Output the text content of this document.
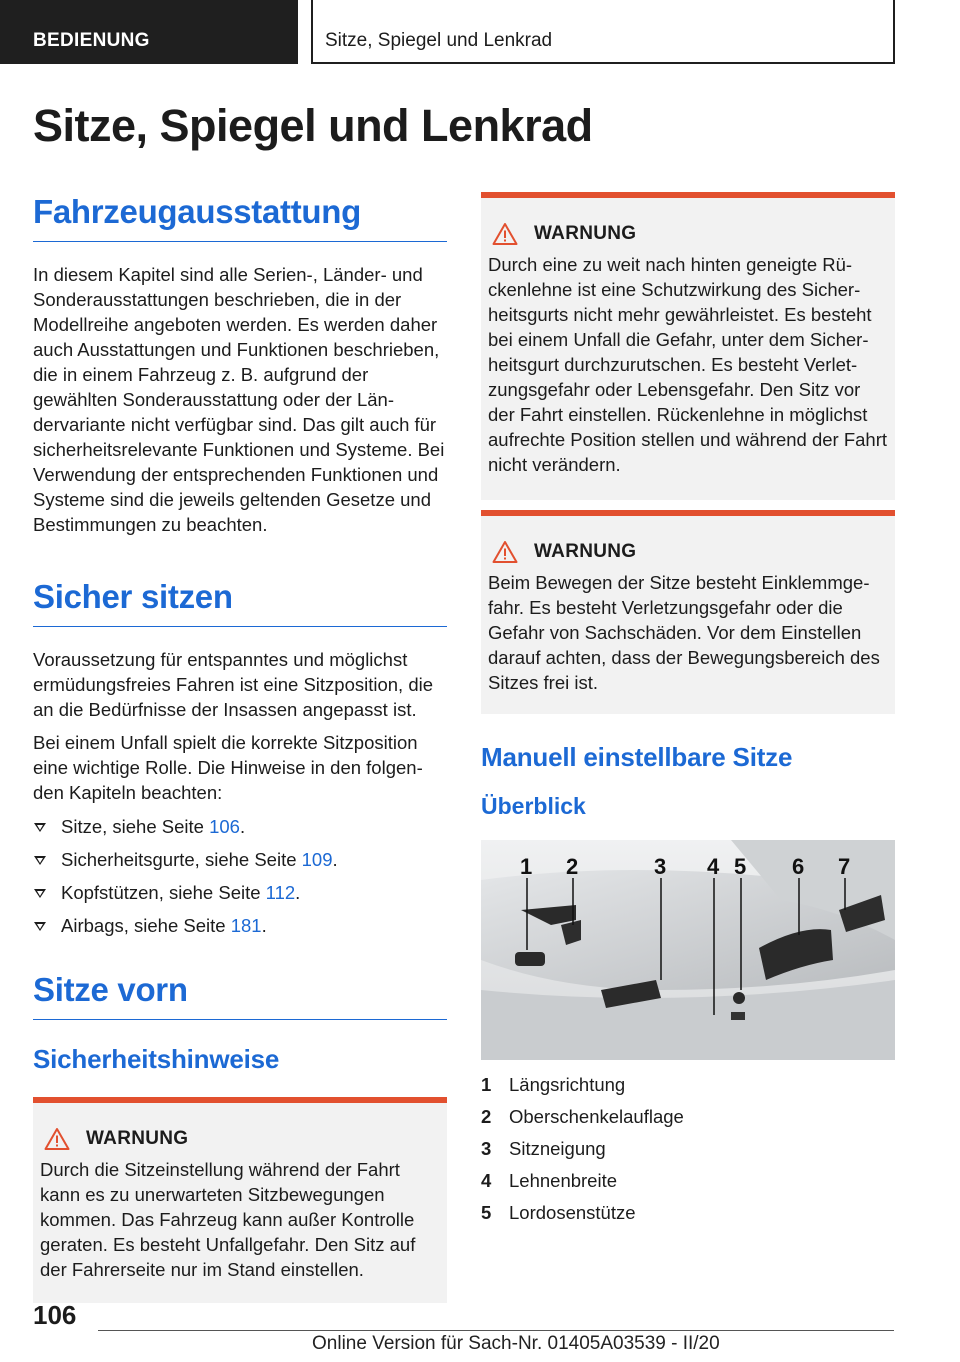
BEDIENUNG	Sitze, Spiegel und Lenkrad
Sitze, Spiegel und Lenkrad
Fahrzeugausstattung

In diesem Kapitel sind alle Serien-, Länder- und Sonderausstattungen beschrieben, die in der Modellreihe angeboten werden. Es werden daher auch Ausstattungen und Funktionen beschrieben, die in einem Fahrzeug z. B. aufgrund der gewählten Sonderausstattung oder der Ländervariante nicht verfügbar sind. Das gilt auch für sicherheitsrelevante Funktionen und Systeme. Bei Verwendung der entsprechenden Funktionen und Systeme sind die jeweils geltenden Gesetze und Bestimmungen zu beachten.

Sicher sitzen

Voraussetzung für entspanntes und möglichst ermüdungsfreies Fahren ist eine Sitzposition, die an die Bedürfnisse der Insassen angepasst ist.

Bei einem Unfall spielt die korrekte Sitzposition eine wichtige Rolle. Die Hinweise in den folgenden Kapiteln beachten:

Sitze, siehe Seite 106.
Sicherheitsgurte, siehe Seite 109.
Kopfstützen, siehe Seite 112.
Airbags, siehe Seite 181.
Sitze vorn
Sicherheitshinweise
WARNUNG

Durch die Sitzeinstellung während der Fahrt kann es zu unerwarteten Sitzbewegungen kommen. Das Fahrzeug kann außer Kontrolle geraten. Es besteht Unfallgefahr. Den Sitz auf der Fahrerseite nur im Stand einstellen.

WARNUNG

Durch eine zu weit nach hinten geneigte Rückenlehne ist eine Schutzwirkung des Sicherheitsgurts nicht mehr gewährleistet. Es besteht bei einem Unfall die Gefahr, unter dem Sicherheitsgurt durchzurutschen. Es besteht Verletzungsgefahr oder Lebensgefahr. Den Sitz vor der Fahrt einstellen. Rückenlehne in möglichst aufrechte Position stellen und während der Fahrt nicht verändern.

WARNUNG

Beim Bewegen der Sitze besteht Einklemmgefahr. Es besteht Verletzungsgefahr oder die Gefahr von Sachschäden. Vor dem Einstellen darauf achten, dass der Bewegungsbereich des Sitzes frei ist.

Manuell einstellbare Sitze
Überblick
1 2	3 4 5 6 7
1 Längsrichtung
2 Oberschenkelauflage
3 Sitzneigung
4 Lehnenbreite
5 Lordosenstütze
106
Online Version für Sach-Nr. 01405A03539 - II/20
